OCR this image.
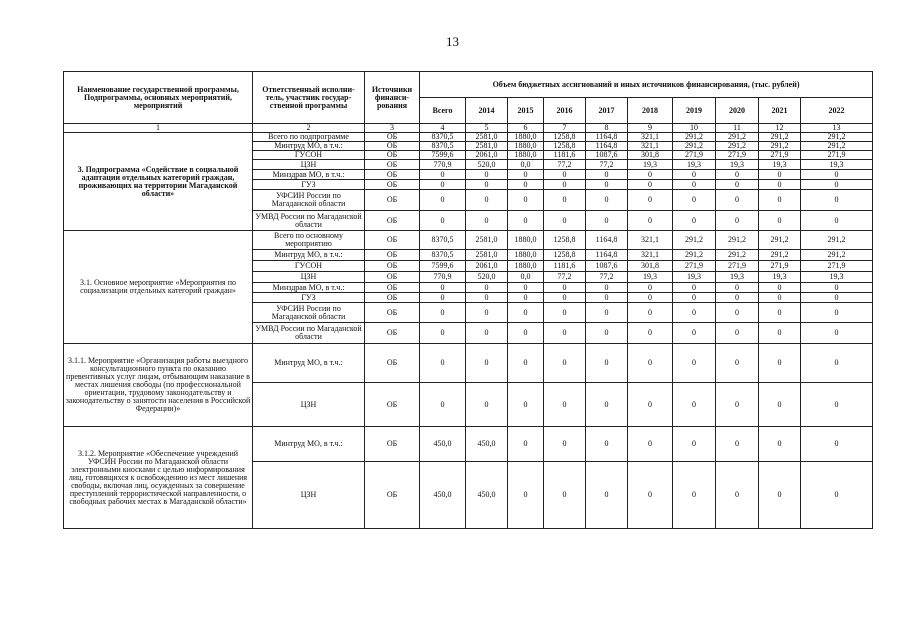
13
Наименование государственной программы, Подпрограммы, основных мероприятий, мероприятий	Ответственный исполни-тель, участник государ-ственной программы	Источники финанси-рования	Объем бюджетных ассигнований и иных источников финансирования, (тыс. рублей)									
			Всего	2014	2015	2016	2017	2018	2019	2020	2021	2022
1	2	3	4	5	6	7	8	9	10	11	12	13
3. Подпрограмма «Содействие в социальной адаптации отдельных категорий граждан, проживающих на территории Магаданской области»	Всего по подпрограмме	ОБ	8370,5	2581,0	1880,0	1258,8	1164,8	321,1	291,2	291,2	291,2	291,2
	Минтруд МО, в т.ч.:	ОБ	8370,5	2581,0	1880,0	1258,8	1164,8	321,1	291,2	291,2	291,2	291,2
	ГУСОН	ОБ	7599,6	2061,0	1880,0	1181,6	1087,6	301,8	271,9	271,9	271,9	271,9
	ЦЗН	ОБ	770,9	520,0	0,0	77,2	77,2	19,3	19,3	19,3	19,3	19,3
	Минздрав МО, в т.ч.:	ОБ	0	0	0	0	0	0	0	0	0	0
	ГУЗ	ОБ	0	0	0	0	0	0	0	0	0	0
	УФСИН России по Магаданской области	ОБ	0	0	0	0	0	0	0	0	0	0
	УМВД России по Магаданской области	ОБ	0	0	0	0	0	0	0	0	0	0
3.1. Основное мероприятие «Мероприятия по социализации отдельных категорий граждан»	Всего по основному мероприятию	ОБ	8370,5	2581,0	1880,0	1258,8	1164,8	321,1	291,2	291,2	291,2	291,2
	Минтруд МО, в т.ч.:	ОБ	8370,5	2581,0	1880,0	1258,8	1164,8	321,1	291,2	291,2	291,2	291,2
	ГУСОН	ОБ	7599,6	2061,0	1880,0	1181,6	1087,6	301,8	271,9	271,9	271,9	271,9
	ЦЗН	ОБ	770,9	520,0	0,0	77,2	77,2	19,3	19,3	19,3	19,3	19,3
	Минздрав МО, в т.ч.:	ОБ	0	0	0	0	0	0	0	0	0	0
	ГУЗ	ОБ	0	0	0	0	0	0	0	0	0	0
	УФСИН России по Магаданской области	ОБ	0	0	0	0	0	0	0	0	0	0
	УМВД России по Магаданской области	ОБ	0	0	0	0	0	0	0	0	0	0
3.1.1. Мероприятие «Организация работы выездного консультационного пункта по оказанию превентивных услуг лицам, отбывающим наказание в местах лишения свободы (по профессиональной ориентации, трудовому законодательству и законодательству о занятости населения в Российской Федерации)»	Минтруд МО, в т.ч.:	ОБ	0	0	0	0	0	0	0	0	0	0
	ЦЗН	ОБ	0	0	0	0	0	0	0	0	0	0
3.1.2. Мероприятие «Обеспечение учреждений УФСИН России по Магаданской области электронными киосками с целью информирования лиц, готовящихся к освобождению из мест лишения свободы, включая лиц, осужденных за совершение преступлений террористической направленности, о свободных рабочих местах в Магаданской области»	Минтруд МО, в т.ч.:	ОБ	450,0	450,0	0	0	0	0	0	0	0	0
	ЦЗН	ОБ	450,0	450,0	0	0	0	0	0	0	0	0
